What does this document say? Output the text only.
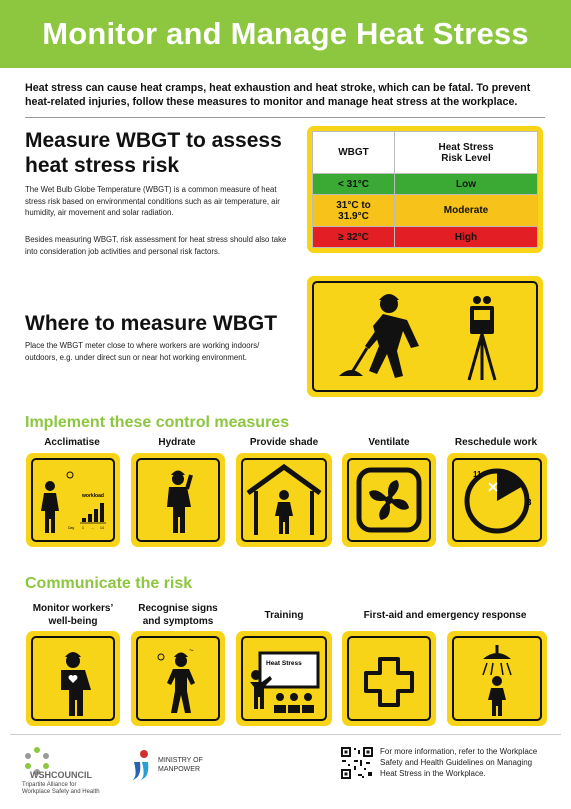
Monitor and Manage Heat Stress
Heat stress can cause heat cramps, heat exhaustion and heat stroke, which can be fatal. To prevent heat-related injuries, follow these measures to monitor and manage heat stress at the workplace.
Measure WBGT to assess
heat stress risk
The Wet Bulb Globe Temperature (WBGT) is a common measure of heat stress risk based on environmental conditions such as air temperature, air humidity, air movement and solar radiation.
Besides measuring WBGT, risk assessment for heat stress should also take into consideration job activities and personal risk factors.
WBGT	Heat Stress
Risk Level

< 31°C	Low

31°C to
31.9°C	Moderate
≥ 32°C	High
Where to measure WBGT
Place the WBGT meter close to where workers are working indoors/ outdoors, e.g. under direct sun or near hot working environment.
Implement these control measures
Acclimatise	Hydrate	Provide shade	Ventilate	Reschedule work
workload
Day 1 ... 14
11
3
Communicate the risk
Monitor workers’
well-being
Recognise signs
and symptoms
Training	First-aid and emergency response
~
Heat Stress
WSHCOUNCIL
Tripartite Alliance for
Workplace Safety and Health
MINISTRY OF
MANPOWER
For more information, refer to the Workplace Safety and Health Guidelines on Managing Heat Stress in the Workplace.
